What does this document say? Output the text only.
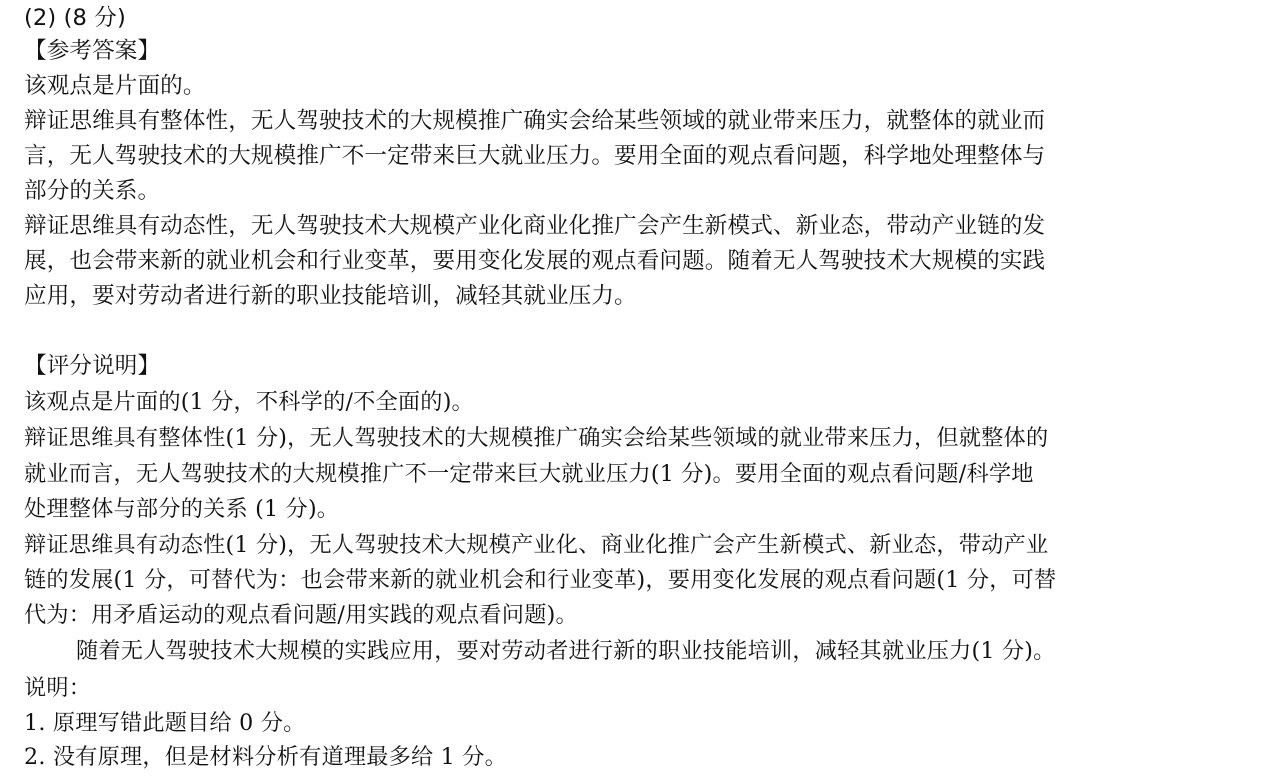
(2) (8 分)
【参考答案】
该观点是片面的。
辩证思维具有整体性，无人驾驶技术的大规模推广确实会给某些领域的就业带来压力，就整体的就业而
言，无人驾驶技术的大规模推广不一定带来巨大就业压力。要用全面的观点看问题，科学地处理整体与
部分的关系。
辩证思维具有动态性，无人驾驶技术大规模产业化商业化推广会产生新模式、新业态，带动产业链的发
展，也会带来新的就业机会和行业变革，要用变化发展的观点看问题。随着无人驾驶技术大规模的实践
应用，要对劳动者进行新的职业技能培训，减轻其就业压力。
【评分说明】
该观点是片面的(1 分，不科学的/不全面的)。
辩证思维具有整体性(1 分)，无人驾驶技术的大规模推广确实会给某些领域的就业带来压力，但就整体的
就业而言，无人驾驶技术的大规模推广不一定带来巨大就业压力(1 分)。要用全面的观点看问题/科学地
处理整体与部分的关系 (1 分)。
辩证思维具有动态性(1 分)，无人驾驶技术大规模产业化、商业化推广会产生新模式、新业态，带动产业
链的发展(1 分，可替代为：也会带来新的就业机会和行业变革)，要用变化发展的观点看问题(1 分，可替
代为：用矛盾运动的观点看问题/用实践的观点看问题)。
随着无人驾驶技术大规模的实践应用，要对劳动者进行新的职业技能培训，减轻其就业压力(1 分)。
说明：
1. 原理写错此题目给 0 分。
2. 没有原理，但是材料分析有道理最多给 1 分。
